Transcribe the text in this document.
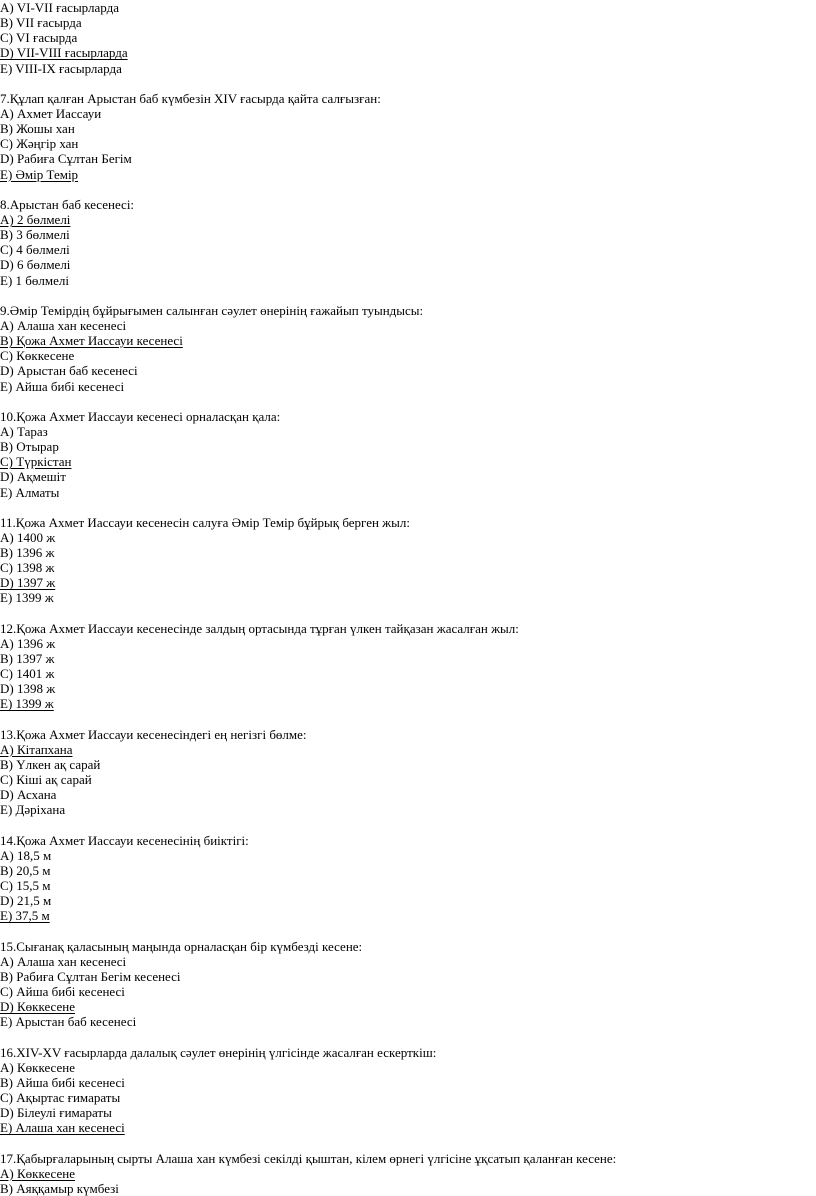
A) VI-VII ғасырларда
B) VII ғасырда
C) VI ғасырда
D) VII-VIII ғасырларда
E) VIII-IX ғасырларда
7.Құлап қалған Арыстан баб күмбезін XIV ғасырда қайта салғызған:
A) Ахмет Иассауи
B) Жошы хан
C) Жәңгір хан
D) Рабиға Сұлтан Бегім
E) Әмір Темір
8.Арыстан баб кесенесі:
A) 2 бөлмелі
B) 3 бөлмелі
C) 4 бөлмелі
D) 6 бөлмелі
E) 1 бөлмелі
9.Әмір Темірдің бұйрығымен салынған сәулет өнерінің ғажайып туындысы:
A) Алаша хан кесенесі
B) Қожа Ахмет Иассауи кесенесі
C) Көккесене
D) Арыстан баб кесенесі
E) Айша бибі кесенесі
10.Қожа Ахмет Иассауи кесенесі орналасқан қала:
A) Тараз
B) Отырар
C) Түркістан
D) Ақмешіт
E) Алматы
11.Қожа Ахмет Иассауи кесенесін салуға Әмір Темір бұйрық берген жыл:
A) 1400 ж
B) 1396 ж
C) 1398 ж
D) 1397 ж
E) 1399 ж
12.Қожа Ахмет Иассауи кесенесінде залдың ортасында тұрған үлкен тайқазан жасалған жыл:
A) 1396 ж
B) 1397 ж
C) 1401 ж
D) 1398 ж
E) 1399 ж
13.Қожа Ахмет Иассауи кесенесіндегі ең негізгі бөлме:
A) Кітапхана
B) Үлкен ақ сарай
C) Кіші ақ сарай
D) Асхана
E) Дәріхана
14.Қожа Ахмет Иассауи кесенесінің биіктігі:
A) 18,5 м
B) 20,5 м
C) 15,5 м
D) 21,5 м
E) 37,5 м
15.Сығанақ қаласының маңында орналасқан бір күмбезді кесене:
A) Алаша хан кесенесі
B) Рабиға Сұлтан Бегім кесенесі
C) Айша бибі кесенесі
D) Көккесене
E) Арыстан баб кесенесі
16.XIV-XV ғасырларда далалық сәулет өнерінің үлгісінде жасалған ескерткіш:
A) Көккесене
B) Айша бибі кесенесі
C) Ақыртас ғимараты
D) Білеулі ғимараты
E) Алаша хан кесенесі
17.Қабырғаларының сырты Алаша хан күмбезі секілді қыштан, кілем өрнегі үлгісіне ұқсатып қаланған кесене:
A) Көккесене
B) Аяққамыр күмбезі
